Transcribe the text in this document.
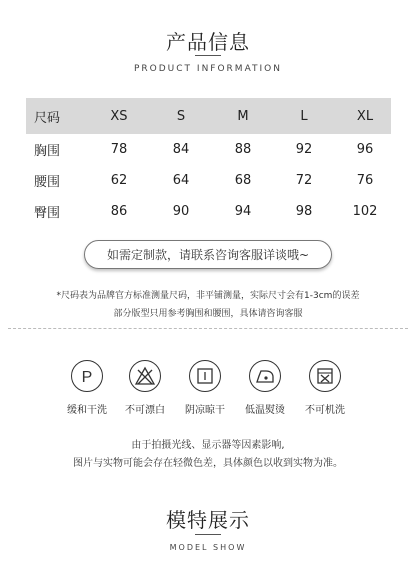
产品信息
PRODUCT INFORMATION
尺码	XS	S	M	L	XL
胸围	78	84	88	92	96
腰围	62	64	68	72	76
臀围	86	90	94	98	102
如需定制款，请联系咨询客服详谈哦~
*尺码表为品牌官方标准测量尺码，非平铺测量，实际尺寸会有1-3cm的误差
部分版型只用参考胸围和腰围，具体请咨询客服
P
缓和干洗	不可漂白	阴凉晾干	低温熨烫	不可机洗
由于拍摄光线、显示器等因素影响,
图片与实物可能会存在轻微色差，具体颜色以收到实物为准。
模特展示
MODEL SHOW
